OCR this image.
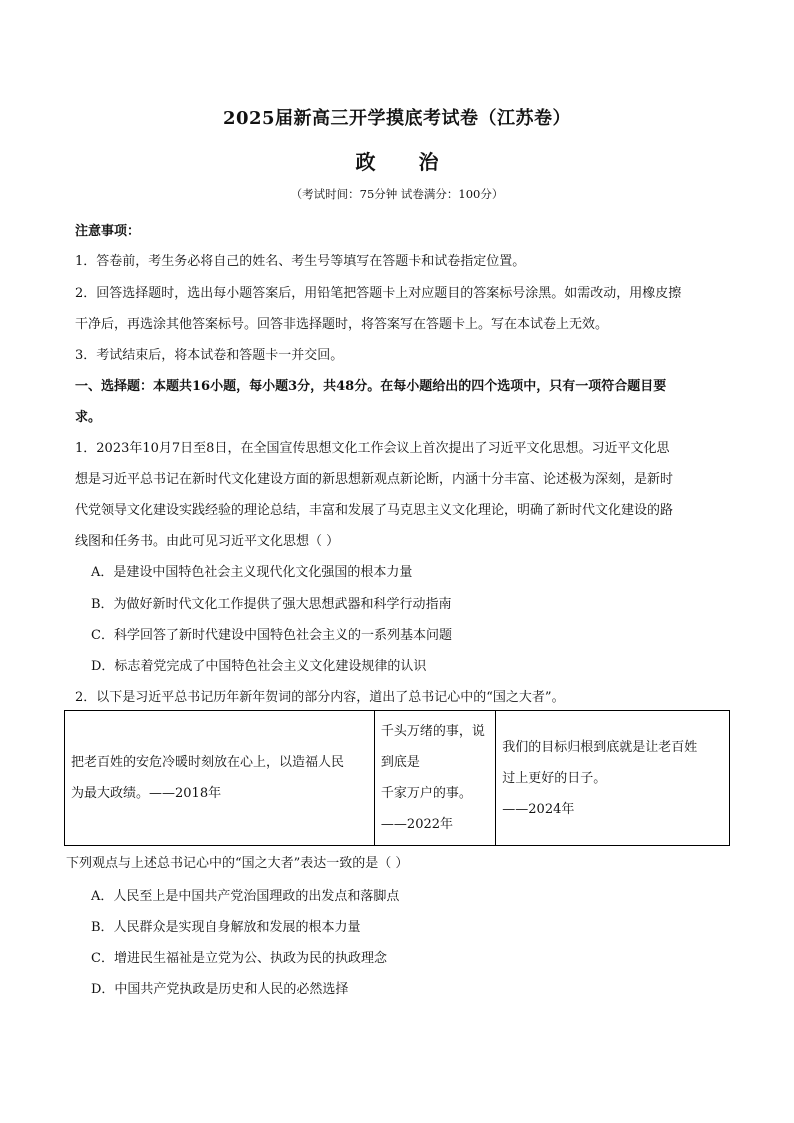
2025届新高三开学摸底考试卷（江苏卷）
政 治
（考试时间：75分钟 试卷满分：100分）
注意事项：
1．答卷前，考生务必将自己的姓名、考生号等填写在答题卡和试卷指定位置。
2．回答选择题时，选出每小题答案后，用铅笔把答题卡上对应题目的答案标号涂黑。如需改动，用橡皮擦
干净后，再选涂其他答案标号。回答非选择题时，将答案写在答题卡上。写在本试卷上无效。
3．考试结束后，将本试卷和答题卡一并交回。
一、选择题：本题共16小题，每小题3分，共48分。在每小题给出的四个选项中，只有一项符合题目要
求。
1．2023年10月7日至8日，在全国宣传思想文化工作会议上首次提出了习近平文化思想。习近平文化思
想是习近平总书记在新时代文化建设方面的新思想新观点新论断，内涵十分丰富、论述极为深刻，是新时
代党领导文化建设实践经验的理论总结，丰富和发展了马克思主义文化理论，明确了新时代文化建设的路
线图和任务书。由此可见习近平文化思想（ ）
A．是建设中国特色社会主义现代化文化强国的根本力量
B．为做好新时代文化工作提供了强大思想武器和科学行动指南
C．科学回答了新时代建设中国特色社会主义的一系列基本问题
D．标志着党完成了中国特色社会主义文化建设规律的认识
2．以下是习近平总书记历年新年贺词的部分内容，道出了总书记心中的“国之大者”。
把老百姓的安危冷暖时刻放在心上，以造福人民
为最大政绩。——2018年

千头万绪的事，说
到底是
千家万户的事。
——2022年

我们的目标归根到底就是让老百姓
过上更好的日子。
——2024年
下列观点与上述总书记心中的“国之大者”表达一致的是（ ）
A．人民至上是中国共产党治国理政的出发点和落脚点
B．人民群众是实现自身解放和发展的根本力量
C．增进民生福祉是立党为公、执政为民的执政理念
D．中国共产党执政是历史和人民的必然选择
